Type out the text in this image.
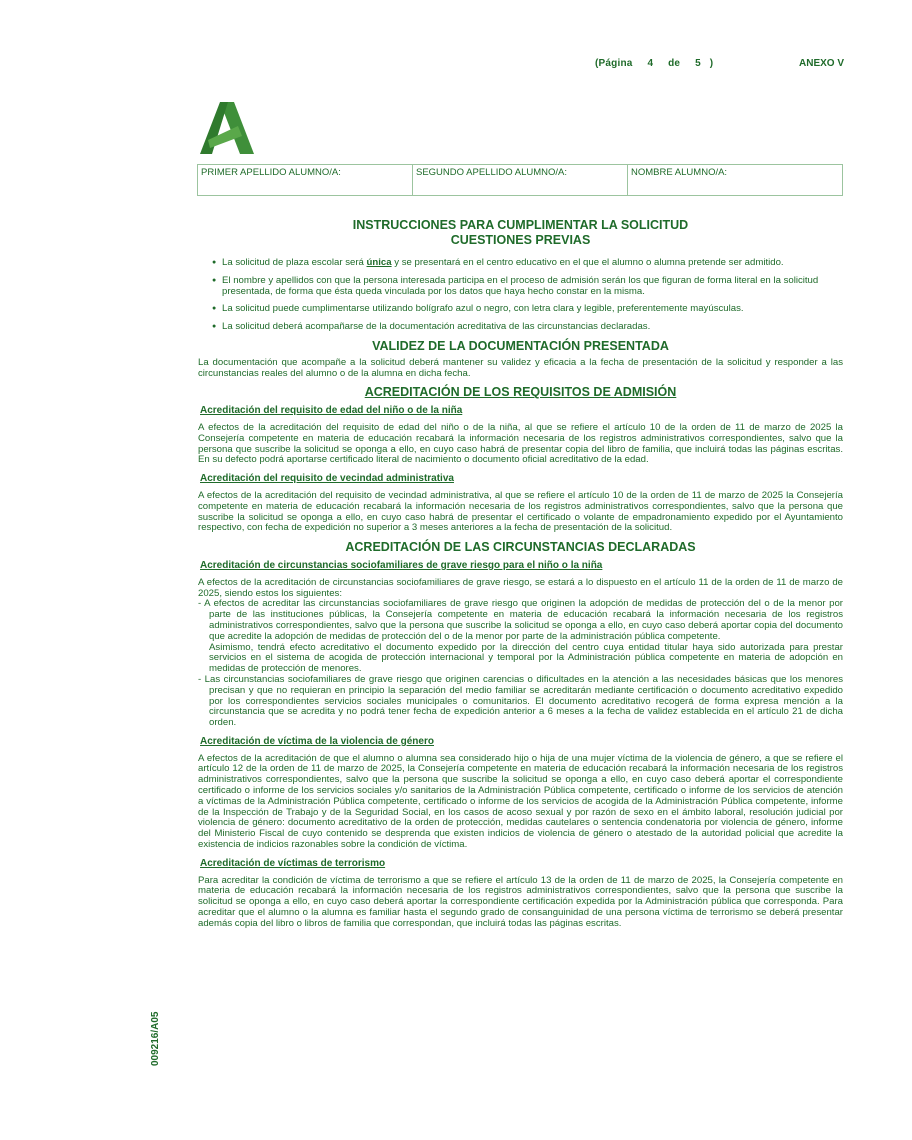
(Página 4 de 5 )	ANEXO V
PRIMER APELLIDO ALUMNO/A:	SEGUNDO APELLIDO ALUMNO/A:	NOMBRE ALUMNO/A:
INSTRUCCIONES PARA CUMPLIMENTAR LA SOLICITUD
CUESTIONES PREVIAS
● La solicitud de plaza escolar será única y se presentará en el centro educativo en el que el alumno o alumna pretende ser admitido.
● El nombre y apellidos con que la persona interesada participa en el proceso de admisión serán los que figuran de forma literal en la solicitud presentada, de forma que ésta queda vinculada por los datos que haya hecho constar en la misma.
● La solicitud puede cumplimentarse utilizando bolígrafo azul o negro, con letra clara y legible, preferentemente mayúsculas.
● La solicitud deberá acompañarse de la documentación acreditativa de las circunstancias declaradas.
VALIDEZ DE LA DOCUMENTACIÓN PRESENTADA

La documentación que acompañe a la solicitud deberá mantener su validez y eficacia a la fecha de presentación de la solicitud y responder a las circunstancias reales del alumno o de la alumna en dicha fecha.

ACREDITACIÓN DE LOS REQUISITOS DE ADMISIÓN
Acreditación del requisito de edad del niño o de la niña

A efectos de la acreditación del requisito de edad del niño o de la niña, al que se refiere el artículo 10 de la orden de 11 de marzo de 2025 la Consejería competente en materia de educación recabará la información necesaria de los registros administrativos correspondientes, salvo que la persona que suscribe la solicitud se oponga a ello, en cuyo caso habrá de presentar copia del libro de familia, que incluirá todas las páginas escritas. En su defecto podrá aportarse certificado literal de nacimiento o documento oficial acreditativo de la edad.

Acreditación del requisito de vecindad administrativa

A efectos de la acreditación del requisito de vecindad administrativa, al que se refiere el artículo 10 de la orden de 11 de marzo de 2025 la Consejería competente en materia de educación recabará la información necesaria de los registros administrativos correspondientes, salvo que la persona que suscribe la solicitud se oponga a ello, en cuyo caso habrá de presentar el certificado o volante de empadronamiento expedido por el Ayuntamiento respectivo, con fecha de expedición no superior a 3 meses anteriores a la fecha de presentación de la solicitud.

ACREDITACIÓN DE LAS CIRCUNSTANCIAS DECLARADAS
Acreditación de circunstancias sociofamiliares de grave riesgo para el niño o la niña

A efectos de la acreditación de circunstancias sociofamiliares de grave riesgo, se estará a lo dispuesto en el artículo 11 de la orden de 11 de marzo de 2025, siendo estos los siguientes:

- A efectos de acreditar las circunstancias sociofamiliares de grave riesgo que originen la adopción de medidas de protección del o de la menor por parte de las instituciones públicas, la Consejería competente en materia de educación recabará la información necesaria de los registros administrativos correspondientes, salvo que la persona que suscribe la solicitud se oponga a ello, en cuyo caso deberá aportar copia del documento que acredite la adopción de medidas de protección del o de la menor por parte de la administración pública competente.

Asimismo, tendrá efecto acreditativo el documento expedido por la dirección del centro cuya entidad titular haya sido autorizada para prestar servicios en el sistema de acogida de protección internacional y temporal por la Administración pública competente en materia de adopción en medidas de protección de menores.

- Las circunstancias sociofamiliares de grave riesgo que originen carencias o dificultades en la atención a las necesidades básicas que los menores precisan y que no requieran en principio la separación del medio familiar se acreditarán mediante certificación o documento acreditativo expedido por los correspondientes servicios sociales municipales o comunitarios. El documento acreditativo recogerá de forma expresa mención a la circunstancia que se acredita y no podrá tener fecha de expedición anterior a 6 meses a la fecha de validez establecida en el artículo 21 de dicha orden.

Acreditación de víctima de la violencia de género

A efectos de la acreditación de que el alumno o alumna sea considerado hijo o hija de una mujer víctima de la violencia de género, a que se refiere el artículo 12 de la orden de 11 de marzo de 2025, la Consejería competente en materia de educación recabará la información necesaria de los registros administrativos correspondientes, salvo que la persona que suscribe la solicitud se oponga a ello, en cuyo caso deberá aportar el correspondiente certificado o informe de los servicios sociales y/o sanitarios de la Administración Pública competente, certificado o informe de los servicios de atención a víctimas de la Administración Pública competente, certificado o informe de los servicios de acogida de la Administración Pública competente, informe de la Inspección de Trabajo y de la Seguridad Social, en los casos de acoso sexual y por razón de sexo en el ámbito laboral, resolución judicial por violencia de género: documento acreditativo de la orden de protección, medidas cautelares o sentencia condenatoria por violencia de género, informe del Ministerio Fiscal de cuyo contenido se desprenda que existen indicios de violencia de género o atestado de la autoridad policial que acredite la existencia de indicios razonables sobre la condición de víctima.

Acreditación de víctimas de terrorismo

Para acreditar la condición de víctima de terrorismo a que se refiere el artículo 13 de la orden de 11 de marzo de 2025, la Consejería competente en materia de educación recabará la información necesaria de los registros administrativos correspondientes, salvo que la persona que suscribe la solicitud se oponga a ello, en cuyo caso deberá aportar la correspondiente certificación expedida por la Administración pública que corresponda. Para acreditar que el alumno o la alumna es familiar hasta el segundo grado de consanguinidad de una persona víctima de terrorismo se deberá presentar además copia del libro o libros de familia que correspondan, que incluirá todas las páginas escritas.

009216/A05
